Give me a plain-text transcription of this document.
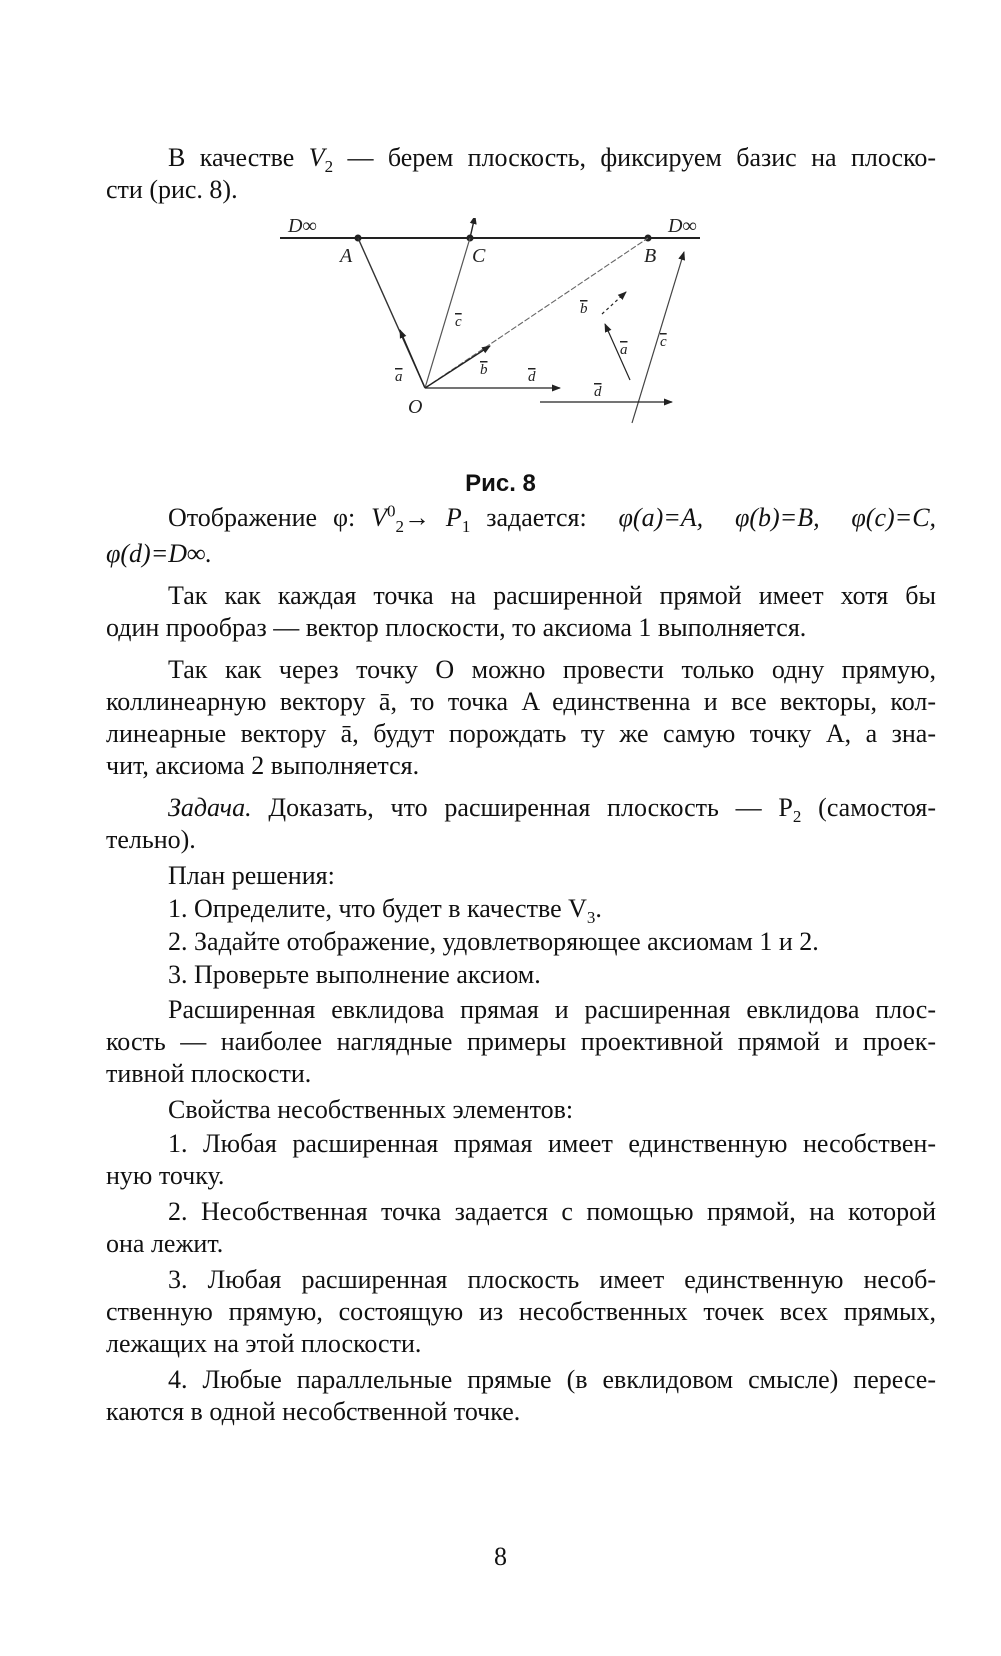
В качестве $V_2$ — берем плоскость, фиксируем базис на плоско-
сти (рис. 8).
D∞	D∞
A	C	B
O
a
a
b
b
c
c
d
d
Рис. 8
Отображение φ: $V^0_2\to P_1$ задается: φ(a)=A, φ(b)=B, φ(c)=C,
φ(d)=D∞.
Так как каждая точка на расширенной прямой имеет хотя бы
один прообраз — вектор плоскости, то аксиома 1 выполняется.
Так как через точку O можно провести только одну прямую,
коллинеарную вектору ā, то точка A единственна и все векторы, кол-
линеарные вектору ā, будут порождать ту же самую точку A, а зна-
чит, аксиома 2 выполняется.
Задача. Доказать, что расширенная плоскость — $P_2$ (самостоя-
тельно).
План решения:
1. Определите, что будет в качестве $V_3$.
2. Задайте отображение, удовлетворяющее аксиомам 1 и 2.
3. Проверьте выполнение аксиом.
Расширенная евклидова прямая и расширенная евклидова плос-
кость — наиболее наглядные примеры проективной прямой и проек-
тивной плоскости.
Свойства несобственных элементов:
1. Любая расширенная прямая имеет единственную несобствен-
ную точку.
2. Несобственная точка задается с помощью прямой, на которой
она лежит.
3. Любая расширенная плоскость имеет единственную несоб-
ственную прямую, состоящую из несобственных точек всех прямых,
лежащих на этой плоскости.
4. Любые параллельные прямые (в евклидовом смысле) пересе-
каются в одной несобственной точке.
8
